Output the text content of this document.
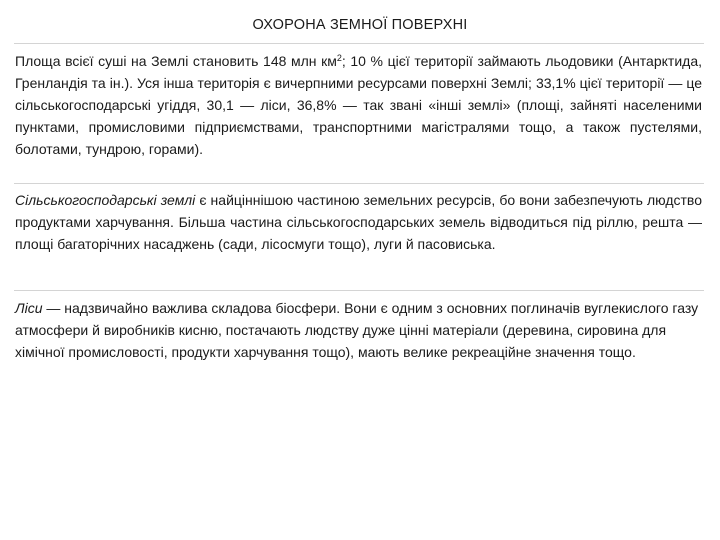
ОХОРОНА ЗЕМНОЇ ПОВЕРХНІ

Площа всієї суші на Землі становить 148 млн $км^2$; 10 % цієї території займають льодовики (Антарктида, Гренландія та ін.). Уся інша територія є вичерпними ресурсами поверхні Землі; 33,1% цієї території — це сільськогосподарські угіддя, 30,1 — ліси, 36,8% — так звані «інші землі» (площі, зайняті населеними пунктами, промисловими підприємствами, транспортними магістралями тощо, а також пустелями, болотами, тундрою, горами).

Сільськогосподарські землі є найціннішою частиною земельних ресурсів, бо вони забезпечують людство продуктами харчування. Більша частина сільськогосподарських земель відводиться під ріллю, решта — площі багаторічних насаджень (сади, лісосмуги тощо), луги й пасовиська.

Ліси — надзвичайно важлива складова біосфери. Вони є одним з основних поглиначів вуглекислого газу атмосфери й виробників кисню, постачають людству дуже цінні матеріали (деревина, сировина для хімічної промисловості, продукти харчування тощо), мають велике рекреаційне значення тощо.
